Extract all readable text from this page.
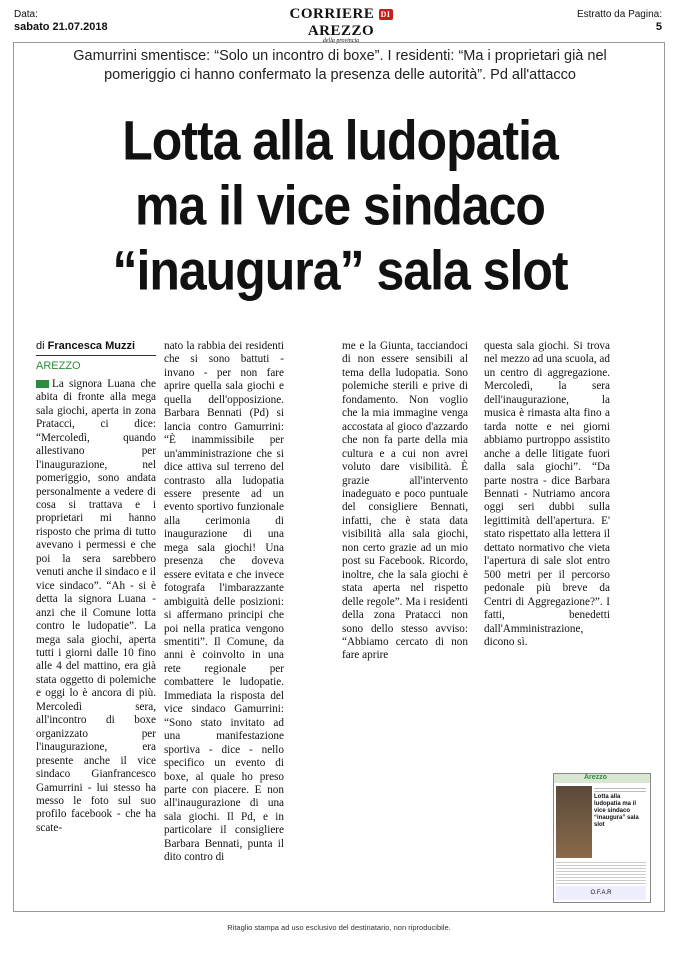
Data:
sabato 21.07.2018
CORRIERE DI AREZZO
della provincia
Estratto da Pagina:
5
Gamurrini smentisce: “Solo un incontro di boxe”. I residenti: “Ma i proprietari già nel pomeriggio ci hanno confermato la presenza delle autorità”. Pd all'attacco
Lotta alla ludopatia
ma il vice sindaco
“inaugura” sala slot
di Francesca Muzzi
AREZZO
La signora Luana che abita di fronte alla mega sala giochi, aperta in zona Pratacci, ci dice: “Mercoledì, quando allestivano per l'inaugurazione, nel pomeriggio, sono andata personalmente a vedere di cosa si trattava e i proprietari mi hanno risposto che prima di tutto avevano i permessi e che poi la sera sarebbero venuti anche il sindaco e il vice sindaco”. “Ah - si è detta la signora Luana - anzi che il Comune lotta contro le ludopatie”. La mega sala giochi, aperta tutti i giorni dalle 10 fino alle 4 del mattino, era già stata oggetto di polemiche e oggi lo è ancora di più. Mercoledì sera, all'incontro di boxe organizzato per l'inaugurazione, era presente anche il vice sindaco Gianfrancesco Gamurrini - lui stesso ha messo le foto sul suo profilo facebook - che ha scate-
nato la rabbia dei residenti che si sono battuti - invano - per non fare aprire quella sala giochi e quella dell'opposizione. Barbara Bennati (Pd) si lancia contro Gamurrini: “È inammissibile per un'amministrazione che si dice attiva sul terreno del contrasto alla ludopatia essere presente ad un evento sportivo funzionale alla cerimonia di inaugurazione di una mega sala giochi! Una presenza che doveva essere evitata e che invece fotografa l'imbarazzante ambiguità delle posizioni: si affermano principi che poi nella pratica vengono smentiti”. Il Comune, da anni è coinvolto in una rete regionale per combattere le ludopatie. Immediata la risposta del vice sindaco Gamurrini: “Sono stato invitato ad una manifestazione sportiva - dice - nello specifico un evento di boxe, al quale ho preso parte con piacere. E non all'inaugurazione di una sala giochi. Il Pd, e in particolare il consigliere Barbara Bennati, punta il dito contro di
me e la Giunta, tacciandoci di non essere sensibili al tema della ludopatia. Sono polemiche sterili e prive di fondamento. Non voglio che la mia immagine venga accostata al gioco d'azzardo che non fa parte della mia cultura e a cui non avrei voluto dare visibilità. È grazie all'intervento inadeguato e poco puntuale del consigliere Bennati, infatti, che è stata data visibilità alla sala giochi, non certo grazie ad un mio post su Facebook. Ricordo, inoltre, che la sala giochi è stata aperta nel rispetto delle regole”. Ma i residenti della zona Pratacci non sono dello stesso avviso: “Abbiamo cercato di non fare aprire
questa sala giochi. Si trova nel mezzo ad una scuola, ad un centro di aggregazione. Mercoledì, la sera dell'inaugurazione, la musica è rimasta alta fino a tarda notte e nei giorni abbiamo purtroppo assistito anche a delle litigate fuori dalla sala giochi”. “Da parte nostra - dice Barbara Bennati - Nutriamo ancora oggi seri dubbi sulla legittimità dell'apertura. E' stato rispettato alla lettera il dettato normativo che vieta l'apertura di sale slot entro 500 metri per il percorso pedonale più breve da Centri di Aggregazione?”. I fatti, benedetti dall'Amministrazione, dicono sì.
Arezzo
Lotta alla ludopatia ma il vice sindaco “inaugura” sala slot
O.F.A.R
Ritaglio stampa ad uso esclusivo del destinatario, non riproducibile.
